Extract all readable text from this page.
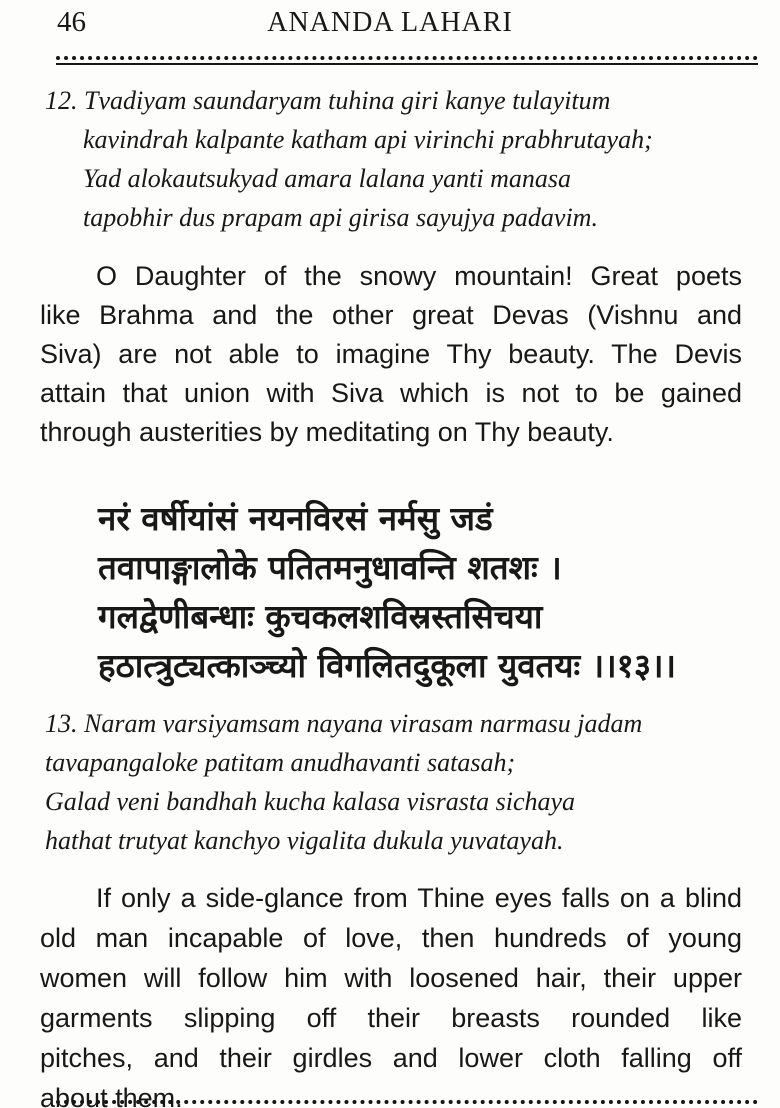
46	ANANDA LAHARI
12. Tvadiyam saundaryam tuhina giri kanye tulayitum
kavindrah kalpante katham api virinchi prabhrutayah;
Yad alokautsukyad amara lalana yanti manasa
tapobhir dus prapam api girisa sayujya padavim.
O Daughter of the snowy mountain! Great poets
like Brahma and the other great Devas (Vishnu and
Siva) are not able to imagine Thy beauty. The Devis
attain that union with Siva which is not to be gained
through austerities by meditating on Thy beauty.
नरं वर्षीयांसं नयनविरसं नर्मसु जडं
तवापाङ्गालोके पतितमनुधावन्ति शतशः ।
गलद्वेणीबन्धाः कुचकलशविस्रस्तसिचया
हठात्त्रुट्यत्काञ्च्यो विगलितदुकूला युवतयः ।।१३।।
13. Naram varsiyamsam nayana virasam narmasu jadam
tavapangaloke patitam anudhavanti satasah;
Galad veni bandhah kucha kalasa visrasta sichaya
hathat trutyat kanchyo vigalita dukula yuvatayah.
If only a side-glance from Thine eyes falls on a blind
old man incapable of love, then hundreds of young
women will follow him with loosened hair, their upper
garments slipping off their breasts rounded like
pitches, and their girdles and lower cloth falling off
about them.
